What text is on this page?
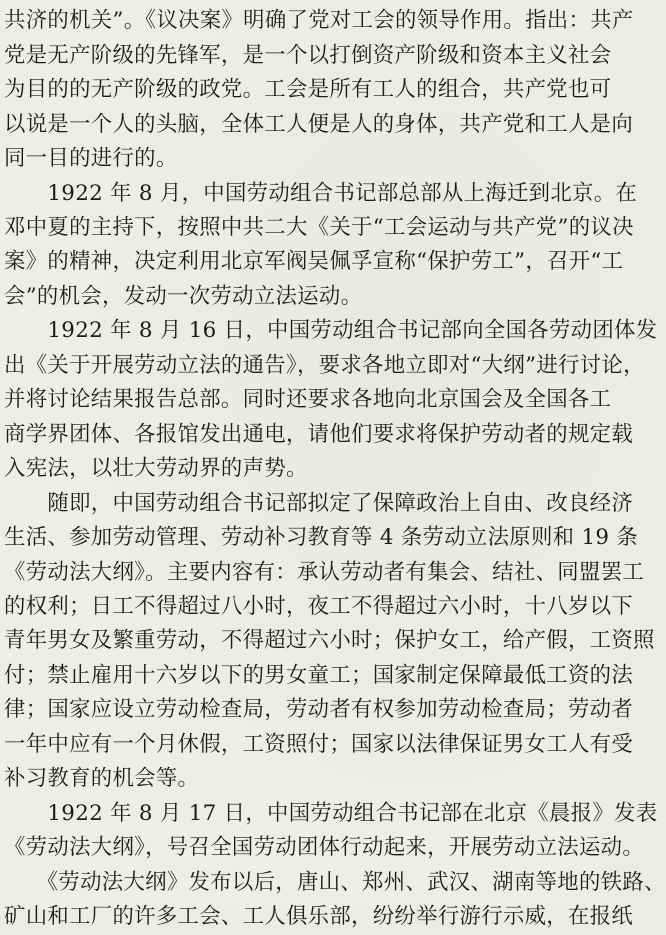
共济的机关”。《议决案》明确了党对工会的领导作用。指出：共产
党是无产阶级的先锋军，是一个以打倒资产阶级和资本主义社会
为目的的无产阶级的政党。工会是所有工人的组合，共产党也可
以说是一个人的头脑，全体工人便是人的身体，共产党和工人是向
同一目的进行的。
　　1922 年 8 月，中国劳动组合书记部总部从上海迁到北京。在
邓中夏的主持下，按照中共二大《关于“工会运动与共产党”的议决
案》的精神，决定利用北京军阀吴佩孚宣称“保护劳工”，召开“工
会”的机会，发动一次劳动立法运动。
　　1922 年 8 月 16 日，中国劳动组合书记部向全国各劳动团体发
出《关于开展劳动立法的通告》，要求各地立即对“大纲”进行讨论，
并将讨论结果报告总部。同时还要求各地向北京国会及全国各工
商学界团体、各报馆发出通电，请他们要求将保护劳动者的规定载
入宪法，以壮大劳动界的声势。
　　随即，中国劳动组合书记部拟定了保障政治上自由、改良经济
生活、参加劳动管理、劳动补习教育等 4 条劳动立法原则和 19 条
《劳动法大纲》。主要内容有：承认劳动者有集会、结社、同盟罢工
的权利；日工不得超过八小时，夜工不得超过六小时，十八岁以下
青年男女及繁重劳动，不得超过六小时；保护女工，给产假，工资照
付；禁止雇用十六岁以下的男女童工；国家制定保障最低工资的法
律；国家应设立劳动检查局，劳动者有权参加劳动检查局；劳动者
一年中应有一个月休假，工资照付；国家以法律保证男女工人有受
补习教育的机会等。
　　1922 年 8 月 17 日，中国劳动组合书记部在北京《晨报》发表
《劳动法大纲》，号召全国劳动团体行动起来，开展劳动立法运动。
　　《劳动法大纲》发布以后，唐山、郑州、武汉、湖南等地的铁路、
矿山和工厂的许多工会、工人俱乐部，纷纷举行游行示威，在报纸
